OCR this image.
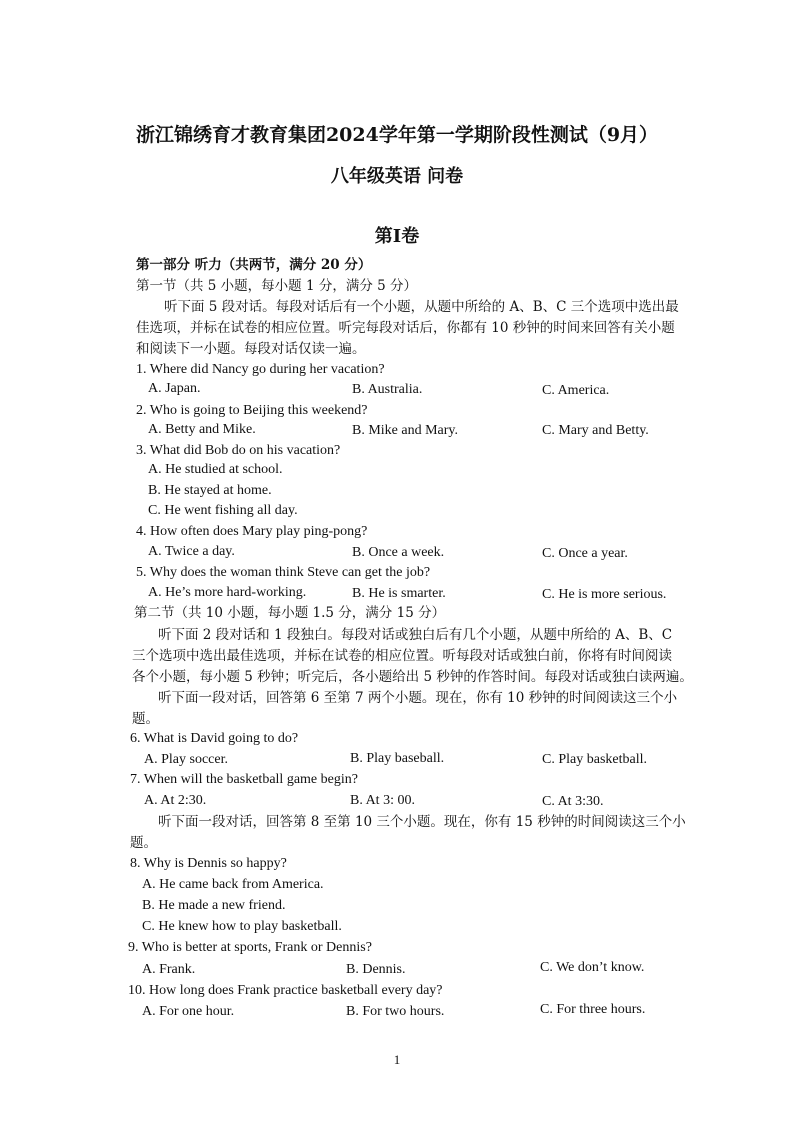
浙江锦绣育才教育集团2024学年第一学期阶段性测试（9月）
八年级英语 问卷
第Ⅰ卷
第一部分 听力（共两节，满分 20 分）
第一节（共 5 小题，每小题 1 分，满分 5 分）
听下面 5 段对话。每段对话后有一个小题，从题中所给的 A、B、C 三个选项中选出最
佳选项，并标在试卷的相应位置。听完每段对话后，你都有 10 秒钟的时间来回答有关小题
和阅读下一小题。每段对话仅读一遍。
1. Where did Nancy go during her vacation?
A. Japan.	B. Australia.	C. America.
2. Who is going to Beijing this weekend?
A. Betty and Mike.	B. Mike and Mary.	C. Mary and Betty.
3. What did Bob do on his vacation?
A. He studied at school.
B. He stayed at home.
C. He went fishing all day.
4. How often does Mary play ping-pong?
A. Twice a day.	B. Once a week.	C. Once a year.
5. Why does the woman think Steve can get the job?
A. He’s more hard-working.	B. He is smarter.	C. He is more serious.
第二节（共 10 小题，每小题 1.5 分，满分 15 分）
听下面 2 段对话和 1 段独白。每段对话或独白后有几个小题，从题中所给的 A、B、C
三个选项中选出最佳选项，并标在试卷的相应位置。听每段对话或独白前，你将有时间阅读
各个小题，每小题 5 秒钟；听完后，各小题给出 5 秒钟的作答时间。每段对话或独白读两遍。
听下面一段对话，回答第 6 至第 7 两个小题。现在，你有 10 秒钟的时间阅读这三个小
题。
6. What is David going to do?
A. Play soccer.	B. Play baseball.	C. Play basketball.
7. When will the basketball game begin?
A. At 2:30.	B. At 3: 00.	C. At 3:30.
听下面一段对话，回答第 8 至第 10 三个小题。现在，你有 15 秒钟的时间阅读这三个小
题。
8. Why is Dennis so happy?
A. He came back from America.
B. He made a new friend.
C. He knew how to play basketball.
9. Who is better at sports, Frank or Dennis?
A. Frank.	B. Dennis.	C. We don’t know.
10. How long does Frank practice basketball every day?
A. For one hour.	B. For two hours.	C. For three hours.
1
